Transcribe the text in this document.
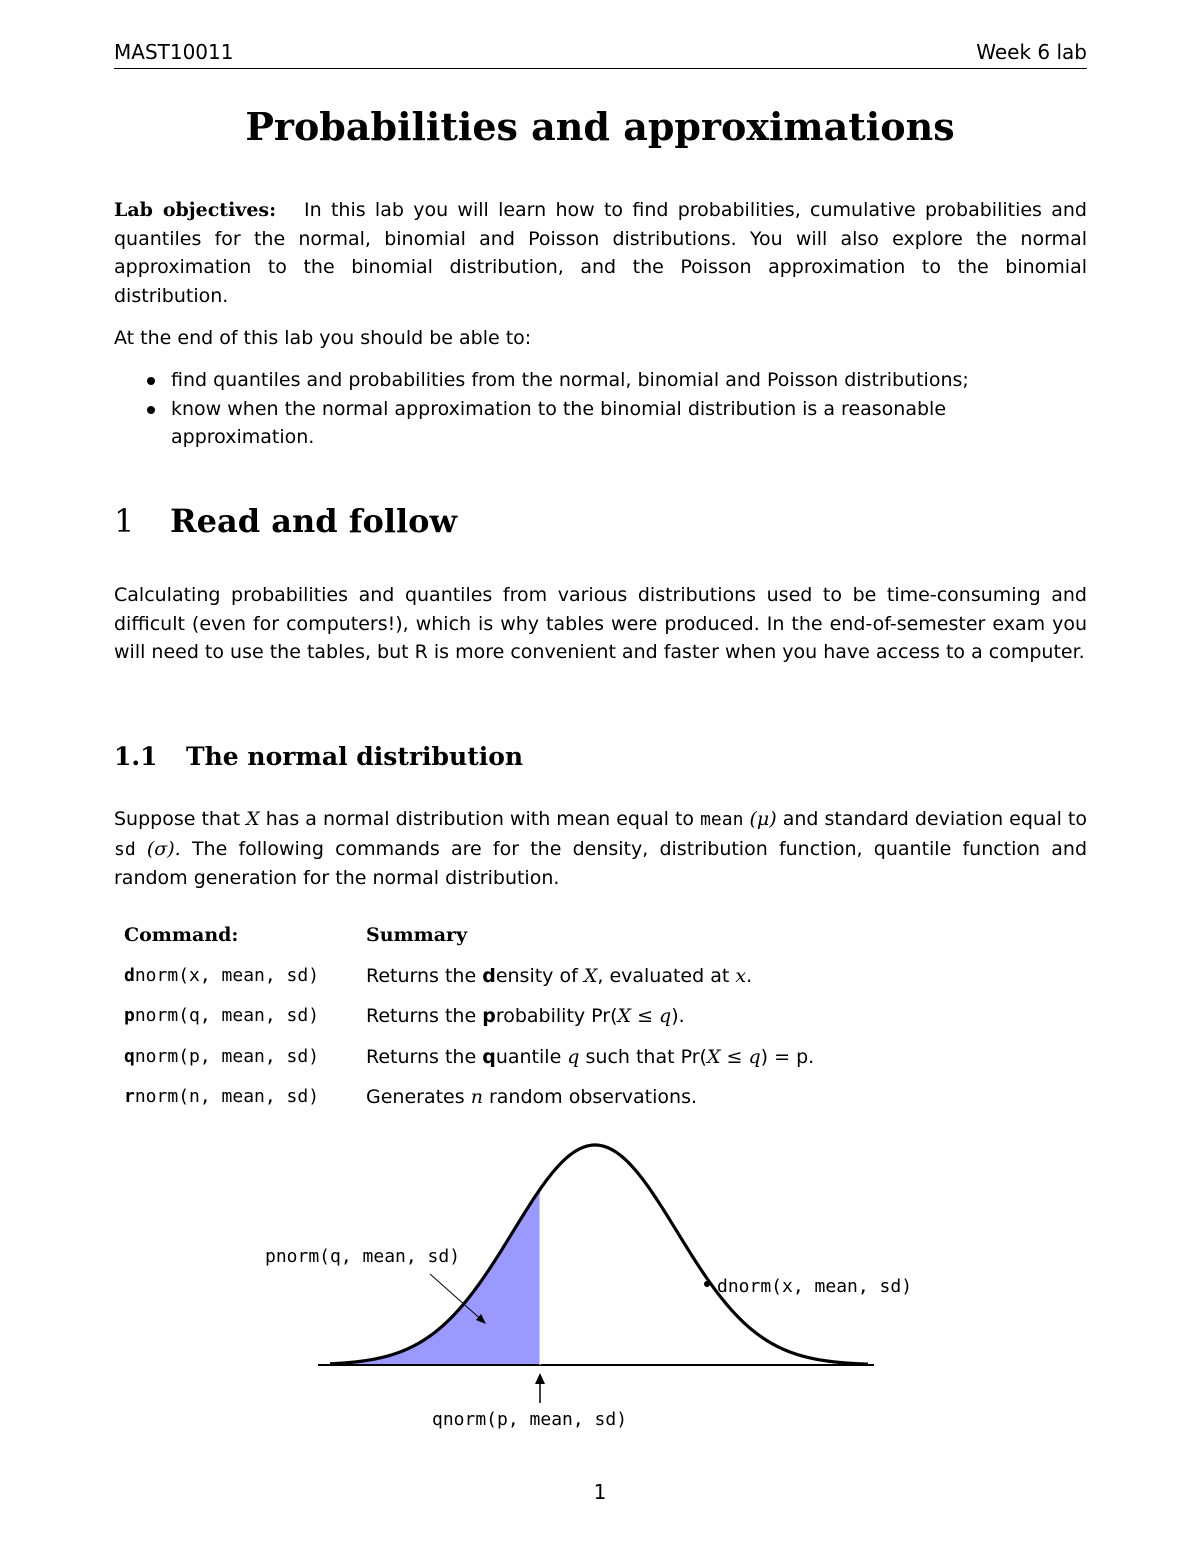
MAST10011	Week 6 lab
Probabilities and approximations
Lab objectives: In this lab you will learn how to find probabilities, cumulative probabilities and quantiles for the normal, binomial and Poisson distributions. You will also explore the normal approximation to the binomial distribution, and the Poisson approximation to the binomial distribution.
At the end of this lab you should be able to:
find quantiles and probabilities from the normal, binomial and Poisson distributions;
know when the normal approximation to the binomial distribution is a reasonable approximation.
1 Read and follow
Calculating probabilities and quantiles from various distributions used to be time-consuming and difficult (even for computers!), which is why tables were produced. In the end-of-semester exam you will need to use the tables, but R is more convenient and faster when you have access to a computer.
1.1 The normal distribution
Suppose that X has a normal distribution with mean equal to mean (μ) and standard deviation equal to sd (σ). The following commands are for the density, distribution function, quantile function and random generation for the normal distribution.
Command:	Summary
dnorm(x, mean, sd) Returns the density of X, evaluated at x.
pnorm(q, mean, sd) Returns the probability Pr(X ≤ q).
qnorm(p, mean, sd) Returns the quantile q such that Pr(X ≤ q) = p.
rnorm(n, mean, sd) Generates n random observations.
pnorm(q, mean, sd)
dnorm(x, mean, sd)
qnorm(p, mean, sd)
1
